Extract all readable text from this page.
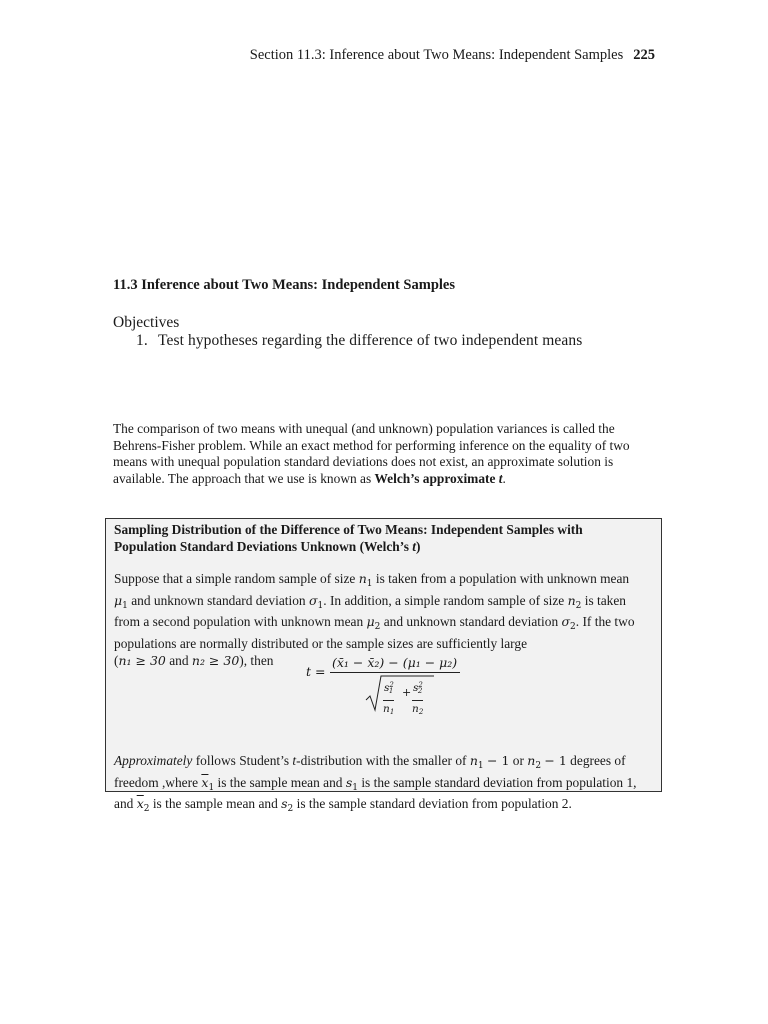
Section 11.3: Inference about Two Means: Independent Samples 225
11.3 Inference about Two Means: Independent Samples
Objectives
1. Test hypotheses regarding the difference of two independent means
The comparison of two means with unequal (and unknown) population variances is called the Behrens-Fisher problem. While an exact method for performing inference on the equality of two means with unequal population standard deviations does not exist, an approximate solution is available. The approach that we use is known as Welch’s approximate t.
Sampling Distribution of the Difference of Two Means: Independent Samples with
Population Standard Deviations Unknown (Welch’s t)
Suppose that a simple random sample of size $n_1$ is taken from a population with unknown mean
$\mu_1$ and unknown standard deviation $\sigma_1$. In addition, a simple random sample of size $n_2$ is taken
from a second population with unknown mean $\mu_2$ and unknown standard deviation $\sigma_2$. If the two
populations are normally distributed or the sample sizes are sufficiently large
(n₁ ≥ 30 and n₂ ≥ 30), then
t =
(x̄₁ − x̄₂) − (μ₁ − μ₂)
$\frac{s^21}{n1} + \frac{s^22}{n2}$
Approximately follows Student’s t-distribution with the smaller of $n_1 - 1$ or $n_2 - 1$ degrees of
freedom ,where $\overline{x}_1$ is the sample mean and $s_1$ is the sample standard deviation from population 1,
and $\overline{x}_2$ is the sample mean and $s_2$ is the sample standard deviation from population 2.
